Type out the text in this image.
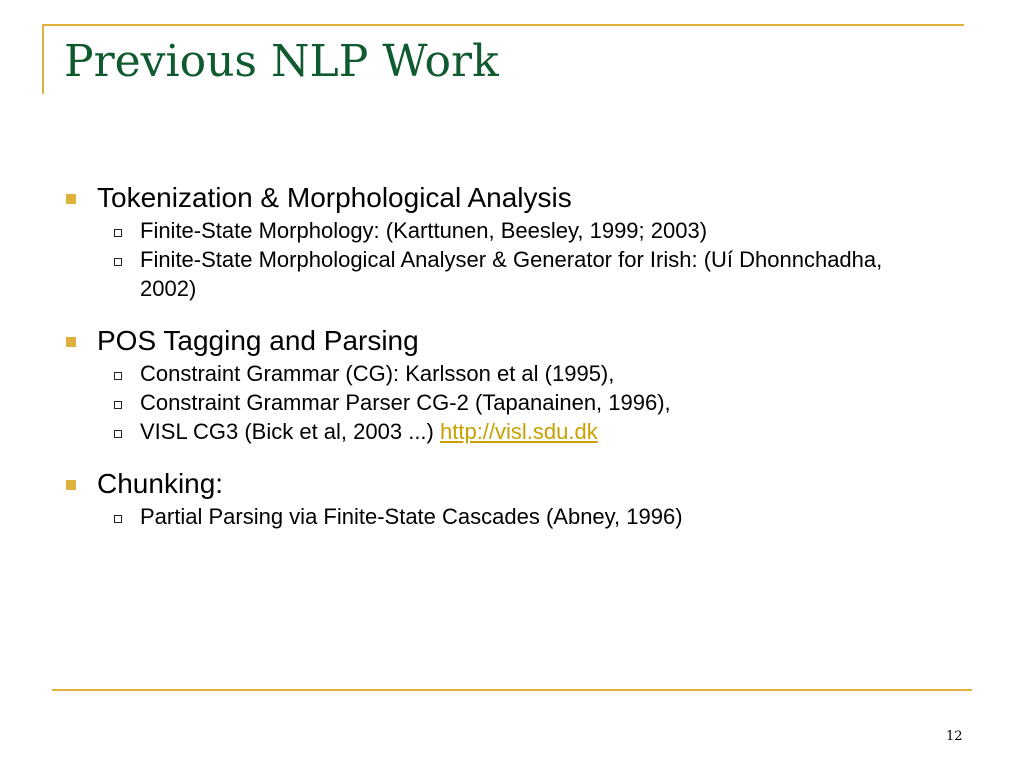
Previous NLP Work
Tokenization & Morphological Analysis
Finite-State Morphology: (Karttunen, Beesley, 1999; 2003)
Finite-State Morphological Analyser & Generator for Irish: (Uí Dhonnchadha, 2002)
POS Tagging and Parsing
Constraint Grammar (CG): Karlsson et al (1995),
Constraint Grammar Parser CG-2 (Tapanainen, 1996),
VISL CG3 (Bick et al, 2003 ...) http://visl.sdu.dk
Chunking:
Partial Parsing via Finite-State Cascades (Abney, 1996)
12
